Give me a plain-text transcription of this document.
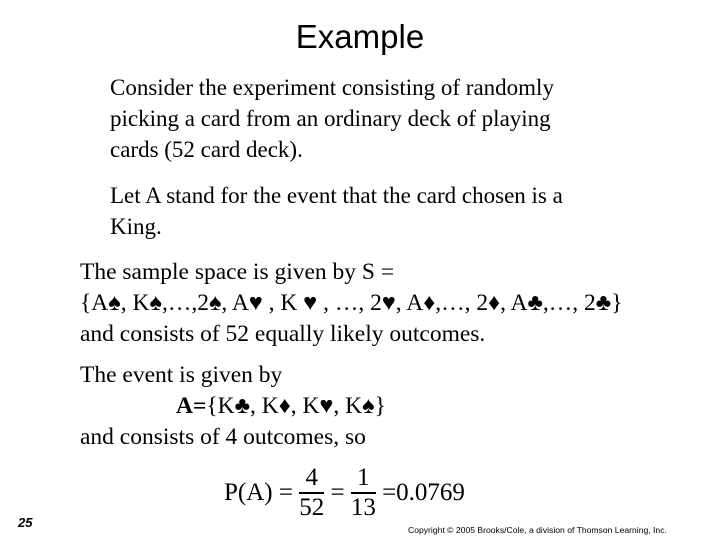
Example
Consider the experiment consisting of randomly
picking a card from an ordinary deck of playing
cards (52 card deck).
Let A stand for the event that the card chosen is a
King.
The sample space is given by S =
{A♠, K♠,…,2♠, A♥ , K ♥ , …, 2♥, A♦,…, 2♦, A♣,…, 2♣}
and consists of 52 equally likely outcomes.
The event is given by
A={K♣, K♦, K♥, K♠}
and consists of 4 outcomes, so
$P(A) = \frac{4}{52} = \frac{1}{13} =0.0769$
25	Copyright © 2005 Brooks/Cole, a division of Thomson Learning, Inc.
